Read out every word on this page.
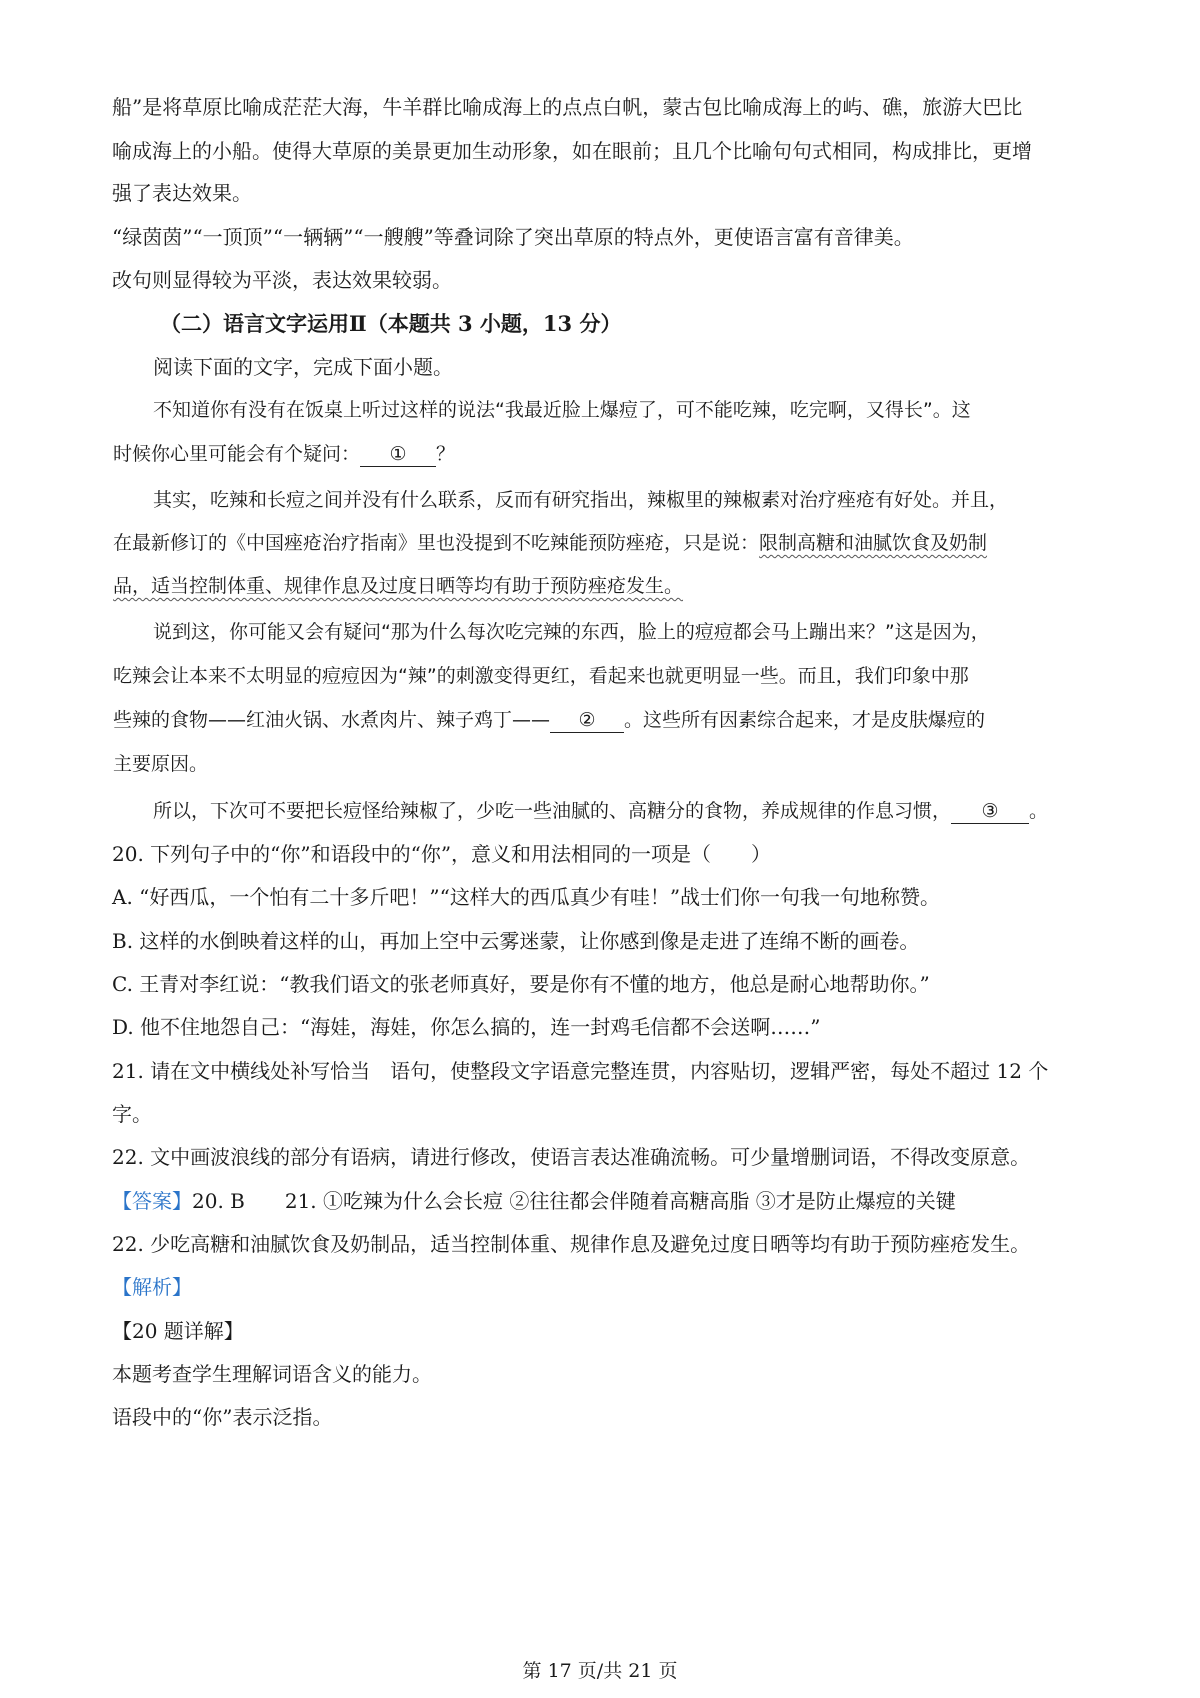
船”是将草原比喻成茫茫大海，牛羊群比喻成海上的点点白帆，蒙古包比喻成海上的屿、礁，旅游大巴比
喻成海上的小船。使得大草原的美景更加生动形象，如在眼前；且几个比喻句句式相同，构成排比，更增
强了表达效果。
“绿茵茵”“一顶顶”“一辆辆”“一艘艘”等叠词除了突出草原的特点外，更使语言富有音律美。
改句则显得较为平淡，表达效果较弱。
（二）语言文字运用Ⅱ（本题共 3 小题，13 分）
阅读下面的文字，完成下面小题。
不知道你有没有在饭桌上听过这样的说法“我最近脸上爆痘了，可不能吃辣，吃完啊，又得长”。这
时候你心里可能会有个疑问： ① ？
其实，吃辣和长痘之间并没有什么联系，反而有研究指出，辣椒里的辣椒素对治疗痤疮有好处。并且，
在最新修订的《中国痤疮治疗指南》里也没提到不吃辣能预防痤疮，只是说：限制高糖和油腻饮食及奶制
品，适当控制体重、规律作息及过度日晒等均有助于预防痤疮发生。
说到这，你可能又会有疑问“那为什么每次吃完辣的东西，脸上的痘痘都会马上蹦出来？”这是因为，
吃辣会让本来不太明显的痘痘因为“辣”的刺激变得更红，看起来也就更明显一些。而且，我们印象中那
些辣的食物——红油火锅、水煮肉片、辣子鸡丁—— ② 。这些所有因素综合起来，才是皮肤爆痘的
主要原因。
所以，下次可不要把长痘怪给辣椒了，少吃一些油腻的、高糖分的食物，养成规律的作息习惯， ③ 。
20. 下列句子中的“你”和语段中的“你”，意义和用法相同的一项是（　　）
A. “好西瓜，一个怕有二十多斤吧！”“这样大的西瓜真少有哇！”战士们你一句我一句地称赞。
B. 这样的水倒映着这样的山，再加上空中云雾迷蒙，让你感到像是走进了连绵不断的画卷。
C. 王青对李红说：“教我们语文的张老师真好，要是你有不懂的地方，他总是耐心地帮助你。”
D. 他不住地怨自己：“海娃，海娃，你怎么搞的，连一封鸡毛信都不会送啊……”
21. 请在文中横线处补写恰当　语句，使整段文字语意完整连贯，内容贴切，逻辑严密，每处不超过 12 个
字。
22. 文中画波浪线的部分有语病，请进行修改，使语言表达准确流畅。可少量增删词语，不得改变原意。
【答案】20. B　　21. ①吃辣为什么会长痘 ②往往都会伴随着高糖高脂 ③才是防止爆痘的关键
22. 少吃高糖和油腻饮食及奶制品，适当控制体重、规律作息及避免过度日晒等均有助于预防痤疮发生。
【解析】
【20 题详解】
本题考查学生理解词语含义的能力。
语段中的“你”表示泛指。
第 17 页/共 21 页
